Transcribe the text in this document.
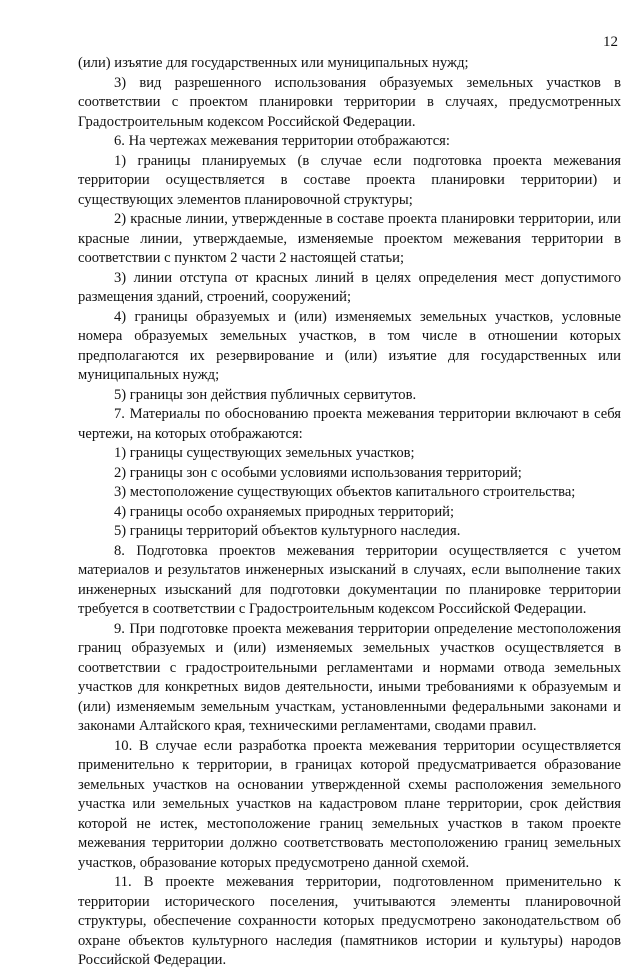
12

(или) изъятие для государственных или муниципальных нужд;

3) вид разрешенного использования образуемых земельных участков в соответствии с проектом планировки территории в случаях, предусмотренных Градостроительным кодексом Российской Федерации.

6. На чертежах межевания территории отображаются:

1) границы планируемых (в случае если подготовка проекта межевания территории осуществляется в составе проекта планировки территории) и существующих элементов планировочной структуры;

2) красные линии, утвержденные в составе проекта планировки территории, или красные линии, утверждаемые, изменяемые проектом межевания территории в соответствии с пунктом 2 части 2 настоящей статьи;

3) линии отступа от красных линий в целях определения мест допустимого размещения зданий, строений, сооружений;

4) границы образуемых и (или) изменяемых земельных участков, условные номера образуемых земельных участков, в том числе в отношении которых предполагаются их резервирование и (или) изъятие для государственных или муниципальных нужд;

5) границы зон действия публичных сервитутов.

7. Материалы по обоснованию проекта межевания территории включают в себя чертежи, на которых отображаются:

1) границы существующих земельных участков;

2) границы зон с особыми условиями использования территорий;

3) местоположение существующих объектов капитального строительства;

4) границы особо охраняемых природных территорий;

5) границы территорий объектов культурного наследия.

8. Подготовка проектов межевания территории осуществляется с учетом материалов и результатов инженерных изысканий в случаях, если выполнение таких инженерных изысканий для подготовки документации по планировке территории требуется в соответствии с Градостроительным кодексом Российской Федерации.

9. При подготовке проекта межевания территории определение местоположения границ образуемых и (или) изменяемых земельных участков осуществляется в соответствии с градостроительными регламентами и нормами отвода земельных участков для конкретных видов деятельности, иными требованиями к образуемым и (или) изменяемым земельным участкам, установленными федеральными законами и законами Алтайского края, техническими регламентами, сводами правил.

10. В случае если разработка проекта межевания территории осуществляется применительно к территории, в границах которой предусматривается образование земельных участков на основании утвержденной схемы расположения земельного участка или земельных участков на кадастровом плане территории, срок действия которой не истек, местоположение границ земельных участков в таком проекте межевания территории должно соответствовать местоположению границ земельных участков, образование которых предусмотрено данной схемой.

11. В проекте межевания территории, подготовленном применительно к территории исторического поселения, учитываются элементы планировочной структуры, обеспечение сохранности которых предусмотрено законодательством об охране объектов культурного наследия (памятников истории и культуры) народов Российской Федерации.
